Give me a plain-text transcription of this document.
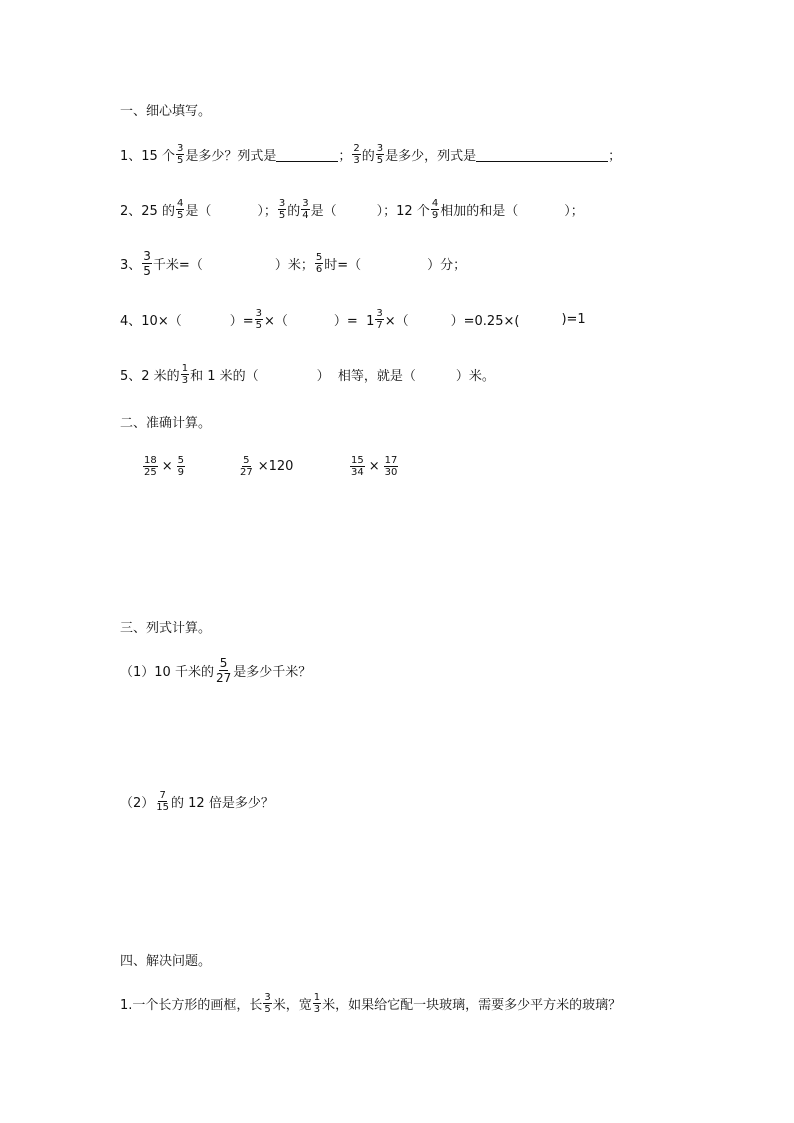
一、细心填写。
1、15 个 $\frac{3}{5}$ 是多少？列式是	； $\frac{2}{3}$ 的 $\frac{3}{5}$ 是多少，列式是	；
2、25 的 $\frac{4}{5}$ 是（	）； $\frac{3}{5}$ 的 $\frac{3}{4}$ 是（	）；12 个 $\frac{4}{9}$ 相加的和是（	）；
3、 $\frac{3}{5}$ 千米=（	）米； $\frac{5}{6}$ 时=（	）分；
4、10×（	）= $\frac{3}{5}$ ×（	）=  $1 \frac{3}{7}$ ×（	）=0.25×(	)=1
5、2 米的 $\frac{1}{3}$ 和 1 米的（	）  相等，就是（	）米。
二、准确计算。
$\frac{18}{25} \times \frac{5}{9}$	$\frac{5}{27} \times 120$	$\frac{15}{34} \times \frac{17}{30}$
三、列式计算。
（1）10 千米的 $\frac{5}{27}$ 是多少千米？
$(2) \frac{7}{15}$ 的 12 倍是多少？
四、解决问题。
1.一个长方形的画框，长 $\frac{3}{5}$ 米，宽 $\frac{1}{3}$ 米，如果给它配一块玻璃，需要多少平方米的玻璃？
